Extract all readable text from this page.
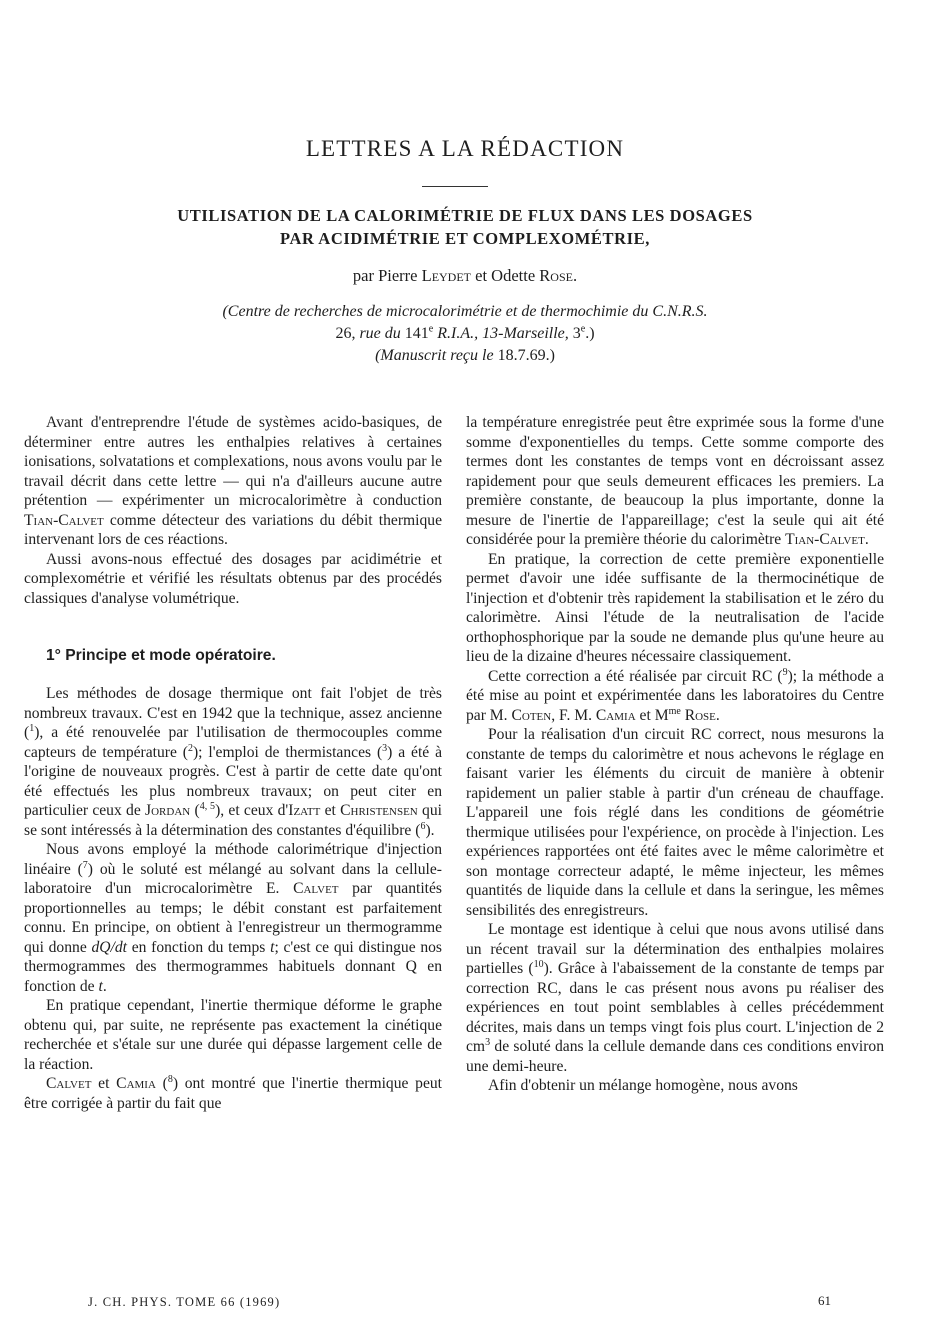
LETTRES A LA RÉDACTION
UTILISATION DE LA CALORIMÉTRIE DE FLUX DANS LES DOSAGES
PAR ACIDIMÉTRIE ET COMPLEXOMÉTRIE,
par Pierre Leydet et Odette Rose.
(Centre de recherches de microcalorimétrie et de thermochimie du C.N.R.S.
26, rue du 141e R.I.A., 13-Marseille, 3e.)
(Manuscrit reçu le 18.7.69.)

Avant d'entreprendre l'étude de systèmes acido-basiques, de déterminer entre autres les enthalpies relatives à certaines ionisations, solvatations et complexations, nous avons voulu par le travail décrit dans cette lettre — qui n'a d'ailleurs aucune autre prétention — expérimenter un microcalorimètre à conduction Tian-Calvet comme détecteur des variations du débit thermique intervenant lors de ces réactions.

Aussi avons-nous effectué des dosages par acidimétrie et complexométrie et vérifié les résultats obtenus par des procédés classiques d'analyse volumétrique.

1° Principe et mode opératoire.

Les méthodes de dosage thermique ont fait l'objet de très nombreux travaux. C'est en 1942 que la technique, assez ancienne ($^1$), a été renouvelée par l'utilisation de thermocouples comme capteurs de température ($^2$); l'emploi de thermistances ($^3$) a été à l'origine de nouveaux progrès. C'est à partir de cette date qu'ont été effectués les plus nombreux travaux; on peut citer en particulier ceux de Jordan ($^{4, 5}$), et ceux d'Izatt et Christensen qui se sont intéressés à la détermination des constantes d'équilibre ($^6$).

Nous avons employé la méthode calorimétrique d'injection linéaire ($^7$) où le soluté est mélangé au solvant dans la cellule-laboratoire d'un microcalorimètre E. Calvet par quantités proportionnelles au temps; le débit constant est parfaitement connu. En principe, on obtient à l'enregistreur un thermogramme qui donne dQ/dt en fonction du temps t; c'est ce qui distingue nos thermogrammes des thermogrammes habituels donnant Q en fonction de t.

En pratique cependant, l'inertie thermique déforme le graphe obtenu qui, par suite, ne représente pas exactement la cinétique recherchée et s'étale sur une durée qui dépasse largement celle de la réaction.

Calvet et Camia ($^8$) ont montré que l'inertie thermique peut être corrigée à partir du fait que

la température enregistrée peut être exprimée sous la forme d'une somme d'exponentielles du temps. Cette somme comporte des termes dont les constantes de temps vont en décroissant assez rapidement pour que seuls demeurent efficaces les premiers. La première constante, de beaucoup la plus importante, donne la mesure de l'inertie de l'appareillage; c'est la seule qui ait été considérée pour la première théorie du calorimètre Tian-Calvet.

En pratique, la correction de cette première exponentielle permet d'avoir une idée suffisante de la thermocinétique de l'injection et d'obtenir très rapidement la stabilisation et le zéro du calorimètre. Ainsi l'étude de la neutralisation de l'acide orthophosphorique par la soude ne demande plus qu'une heure au lieu de la dizaine d'heures nécessaire classiquement.

Cette correction a été réalisée par circuit RC ($^9$); la méthode a été mise au point et expérimentée dans les laboratoires du Centre par M. Coten, F. M. Camia et $M^{me}$ Rose.

Pour la réalisation d'un circuit RC correct, nous mesurons la constante de temps du calorimètre et nous achevons le réglage en faisant varier les éléments du circuit de manière à obtenir rapidement un palier stable à partir d'un créneau de chauffage. L'appareil une fois réglé dans les conditions de géométrie thermique utilisées pour l'expérience, on procède à l'injection. Les expériences rapportées ont été faites avec le même calorimètre et son montage correcteur adapté, le même injecteur, les mêmes quantités de liquide dans la cellule et dans la seringue, les mêmes sensibilités des enregistreurs.

Le montage est identique à celui que nous avons utilisé dans un récent travail sur la détermination des enthalpies molaires partielles ($^{10}$). Grâce à l'abaissement de la constante de temps par correction RC, dans le cas présent nous avons pu réaliser des expériences en tout point semblables à celles précédemment décrites, mais dans un temps vingt fois plus court. L'injection de 2 $cm^3$ de soluté dans la cellule demande dans ces conditions environ une demi-heure.

Afin d'obtenir un mélange homogène, nous avons

J. CH. PHYS. TOME 66 (1969)	61
